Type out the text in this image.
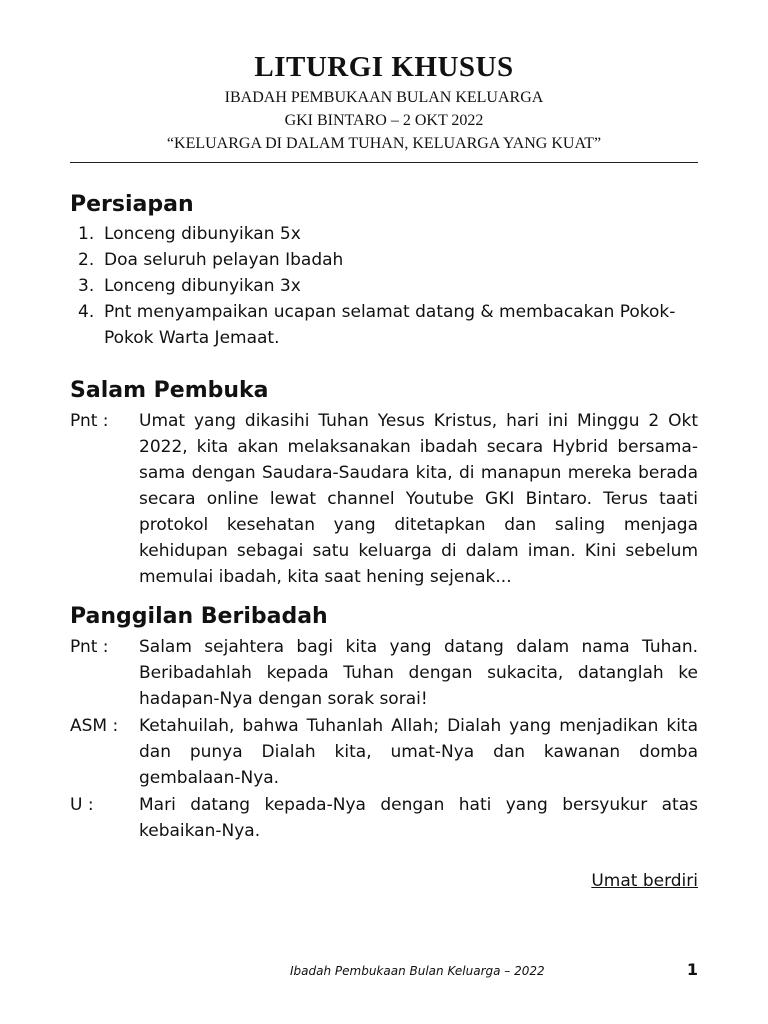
LITURGI KHUSUS
IBADAH PEMBUKAAN BULAN KELUARGA
GKI BINTARO – 2 OKT 2022
“KELUARGA DI DALAM TUHAN, KELUARGA YANG KUAT”
Persiapan
1. Lonceng dibunyikan 5x
2. Doa seluruh pelayan Ibadah
3. Lonceng dibunyikan 3x
4. Pnt menyampaikan ucapan selamat datang & membacakan Pokok-Pokok Warta Jemaat.
Salam Pembuka
Pnt :	Umat yang dikasihi Tuhan Yesus Kristus, hari ini Minggu 2 Okt 2022, kita akan melaksanakan ibadah secara Hybrid bersama-sama dengan Saudara-Saudara kita, di manapun mereka berada secara online lewat channel Youtube GKI Bintaro. Terus taati protokol kesehatan yang ditetapkan dan saling menjaga kehidupan sebagai satu keluarga di dalam iman. Kini sebelum memulai ibadah, kita saat hening sejenak...
Panggilan Beribadah
Pnt :	Salam sejahtera bagi kita yang datang dalam nama Tuhan. Beribadahlah kepada Tuhan dengan sukacita, datanglah ke hadapan-Nya dengan sorak sorai!
ASM :	Ketahuilah, bahwa Tuhanlah Allah; Dialah yang menjadikan kita dan punya Dialah kita, umat-Nya dan kawanan domba gembalaan-Nya.
U :	Mari datang kepada-Nya dengan hati yang bersyukur atas kebaikan-Nya.
Umat berdiri
Ibadah Pembukaan Bulan Keluarga – 2022	1
